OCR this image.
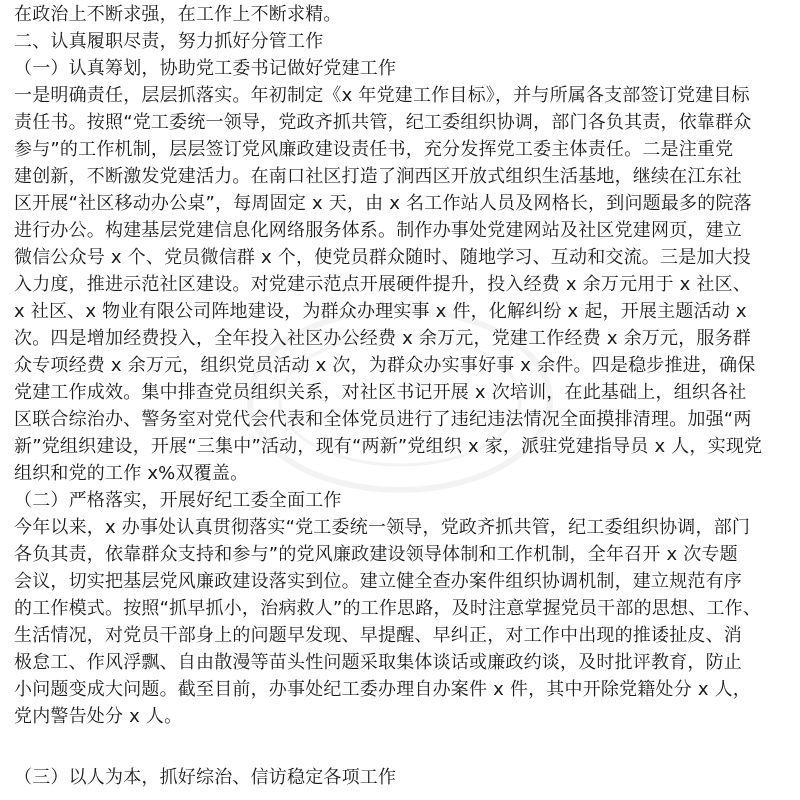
在政治上不断求强，在工作上不断求精。
二、认真履职尽责，努力抓好分管工作
（一）认真筹划，协助党工委书记做好党建工作
一是明确责任，层层抓落实。年初制定《x 年党建工作目标》，并与所属各支部签订党建目标
责任书。按照“党工委统一领导，党政齐抓共管，纪工委组织协调，部门各负其责，依靠群众
参与”的工作机制，层层签订党风廉政建设责任书，充分发挥党工委主体责任。二是注重党
建创新，不断激发党建活力。在南口社区打造了涧西区开放式组织生活基地，继续在江东社
区开展“社区移动办公桌”，每周固定 x 天，由 x 名工作站人员及网格长，到问题最多的院落
进行办公。构建基层党建信息化网络服务体系。制作办事处党建网站及社区党建网页，建立
微信公众号 x 个、党员微信群 x 个，使党员群众随时、随地学习、互动和交流。三是加大投
入力度，推进示范社区建设。对党建示范点开展硬件提升，投入经费 x 余万元用于 x 社区、
x 社区、x 物业有限公司阵地建设，为群众办理实事 x 件，化解纠纷 x 起，开展主题活动 x
次。四是增加经费投入，全年投入社区办公经费 x 余万元，党建工作经费 x 余万元，服务群
众专项经费 x 余万元，组织党员活动 x 次，为群众办实事好事 x 余件。四是稳步推进，确保
党建工作成效。集中排查党员组织关系，对社区书记开展 x 次培训，在此基础上，组织各社
区联合综治办、警务室对党代会代表和全体党员进行了违纪违法情况全面摸排清理。加强“两
新”党组织建设，开展“三集中”活动，现有“两新”党组织 x 家，派驻党建指导员 x 人，实现党
组织和党的工作 x%双覆盖。
（二）严格落实，开展好纪工委全面工作
今年以来，x 办事处认真贯彻落实“党工委统一领导，党政齐抓共管，纪工委组织协调，部门
各负其责，依靠群众支持和参与”的党风廉政建设领导体制和工作机制，全年召开 x 次专题
会议，切实把基层党风廉政建设落实到位。建立健全查办案件组织协调机制，建立规范有序
的工作模式。按照“抓早抓小，治病救人”的工作思路，及时注意掌握党员干部的思想、工作、
生活情况，对党员干部身上的问题早发现、早提醒、早纠正，对工作中出现的推诿扯皮、消
极怠工、作风浮飘、自由散漫等苗头性问题采取集体谈话或廉政约谈，及时批评教育，防止
小问题变成大问题。截至目前，办事处纪工委办理自办案件 x 件，其中开除党籍处分 x 人，
党内警告处分 x 人。
（三）以人为本，抓好综治、信访稳定各项工作
